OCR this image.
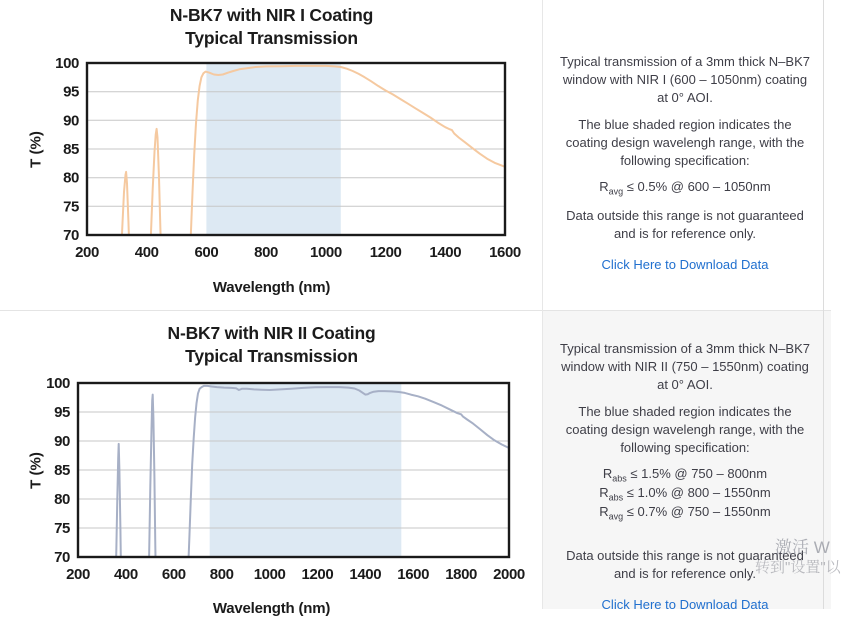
N-BK7 with NIR I Coating
Typical Transmission
T (%)
100
95
90
85
80
75
70
200 400 600 800 1000 1200 1400 1600
Wavelength (nm)

Typical transmission of a 3mm thick N–BK7 window with NIR I (600 – 1050nm) coating at 0° AOI.

The blue shaded region indicates the coating design wavelengh range, with the following specification:

$R_{avg} \le 0.5\%$ @ 600 – 1050nm

Data outside this range is not guaranteed and is for reference only.

Click Here to Download Data
N-BK7 with NIR II Coating
Typical Transmission
T (%)
100
95
90
85
80
75
70
200 400 600 800 1000 1200 1400 1600 1800 2000
Wavelength (nm)

Typical transmission of a 3mm thick N–BK7 window with NIR II (750 – 1550nm) coating at 0° AOI.

The blue shaded region indicates the coating design wavelengh range, with the following specification:

$R_{abs} \le 1.5\%$ @ 750 – 800nm

$R_{abs} \le 1.0\%$ @ 800 – 1550nm

$R_{avg} \le 0.7\%$ @ 750 – 1550nm

Data outside this range is not guaranteed and is for reference only.

Click Here to Download Data
激活 W
转到"设置"以
